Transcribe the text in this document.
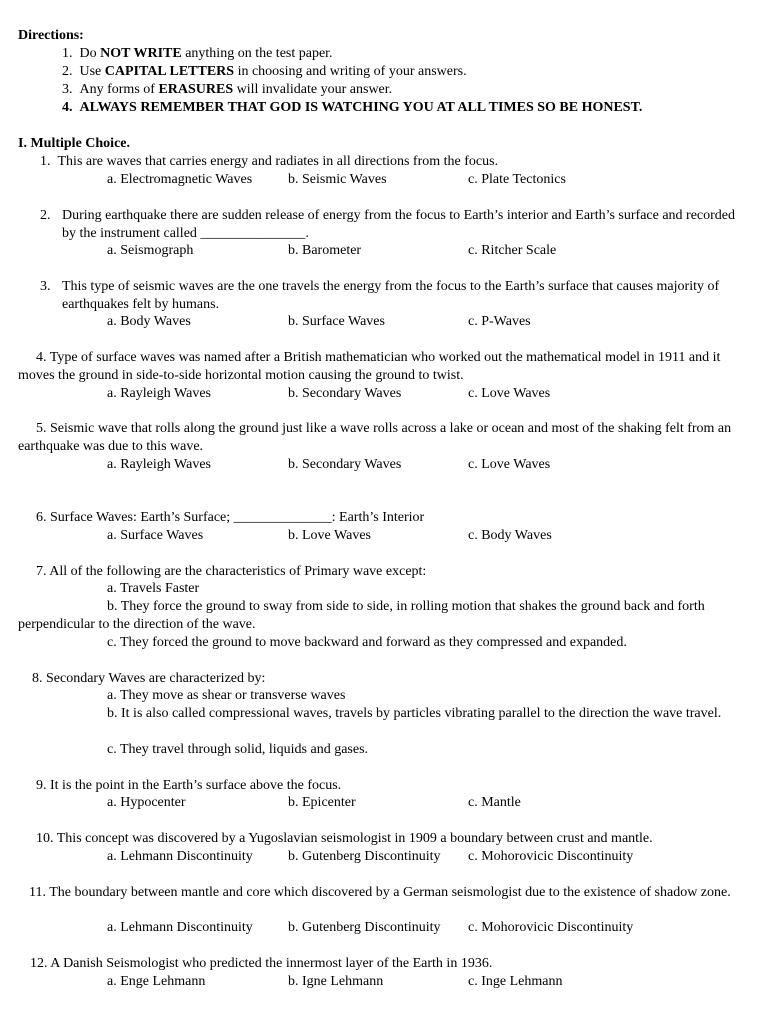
Directions:
1. Do NOT WRITE anything on the test paper.
2. Use CAPITAL LETTERS in choosing and writing of your answers.
3. Any forms of ERASURES will invalidate your answer.
4. ALWAYS REMEMBER THAT GOD IS WATCHING YOU AT ALL TIMES SO BE HONEST.
I. Multiple Choice.
1. This are waves that carries energy and radiates in all directions from the focus.
a. Electromagnetic Waves	b. Seismic Waves	c. Plate Tectonics
2. During earthquake there are sudden release of energy from the focus to Earth’s interior and Earth’s surface and recorded by the instrument called _______________.
a. Seismograph	b. Barometer	c. Ritcher Scale
3. This type of seismic waves are the one travels the energy from the focus to the Earth’s surface that causes majority of earthquakes felt by humans.
a. Body Waves	b. Surface Waves	c. P-Waves
4. Type of surface waves was named after a British mathematician who worked out the mathematical model in 1911 and it moves the ground in side-to-side horizontal motion causing the ground to twist.
a. Rayleigh Waves	b. Secondary Waves	c. Love Waves
5. Seismic wave that rolls along the ground just like a wave rolls across a lake or ocean and most of the shaking felt from an earthquake was due to this wave.
a. Rayleigh Waves	b. Secondary Waves	c. Love Waves
6. Surface Waves: Earth’s Surface; ______________: Earth’s Interior
a. Surface Waves	b. Love Waves	c. Body Waves
7. All of the following are the characteristics of Primary wave except:
a. Travels Faster
b. They force the ground to sway from side to side, in rolling motion that shakes the ground back and forth perpendicular to the direction of the wave.
c. They forced the ground to move backward and forward as they compressed and expanded.
8. Secondary Waves are characterized by:
a. They move as shear or transverse waves
b. It is also called compressional waves, travels by particles vibrating parallel to the direction the wave travel.
c. They travel through solid, liquids and gases.
9. It is the point in the Earth’s surface above the focus.
a. Hypocenter	b. Epicenter	c. Mantle
10. This concept was discovered by a Yugoslavian seismologist in 1909 a boundary between crust and mantle.
a. Lehmann Discontinuity	b. Gutenberg Discontinuity c. Mohorovicic Discontinuity
11. The boundary between mantle and core which discovered by a German seismologist due to the existence of shadow zone.
a. Lehmann Discontinuity	b. Gutenberg Discontinuity c. Mohorovicic Discontinuity
12. A Danish Seismologist who predicted the innermost layer of the Earth in 1936.
a. Enge Lehmann	b. Igne Lehmann	c. Inge Lehmann
